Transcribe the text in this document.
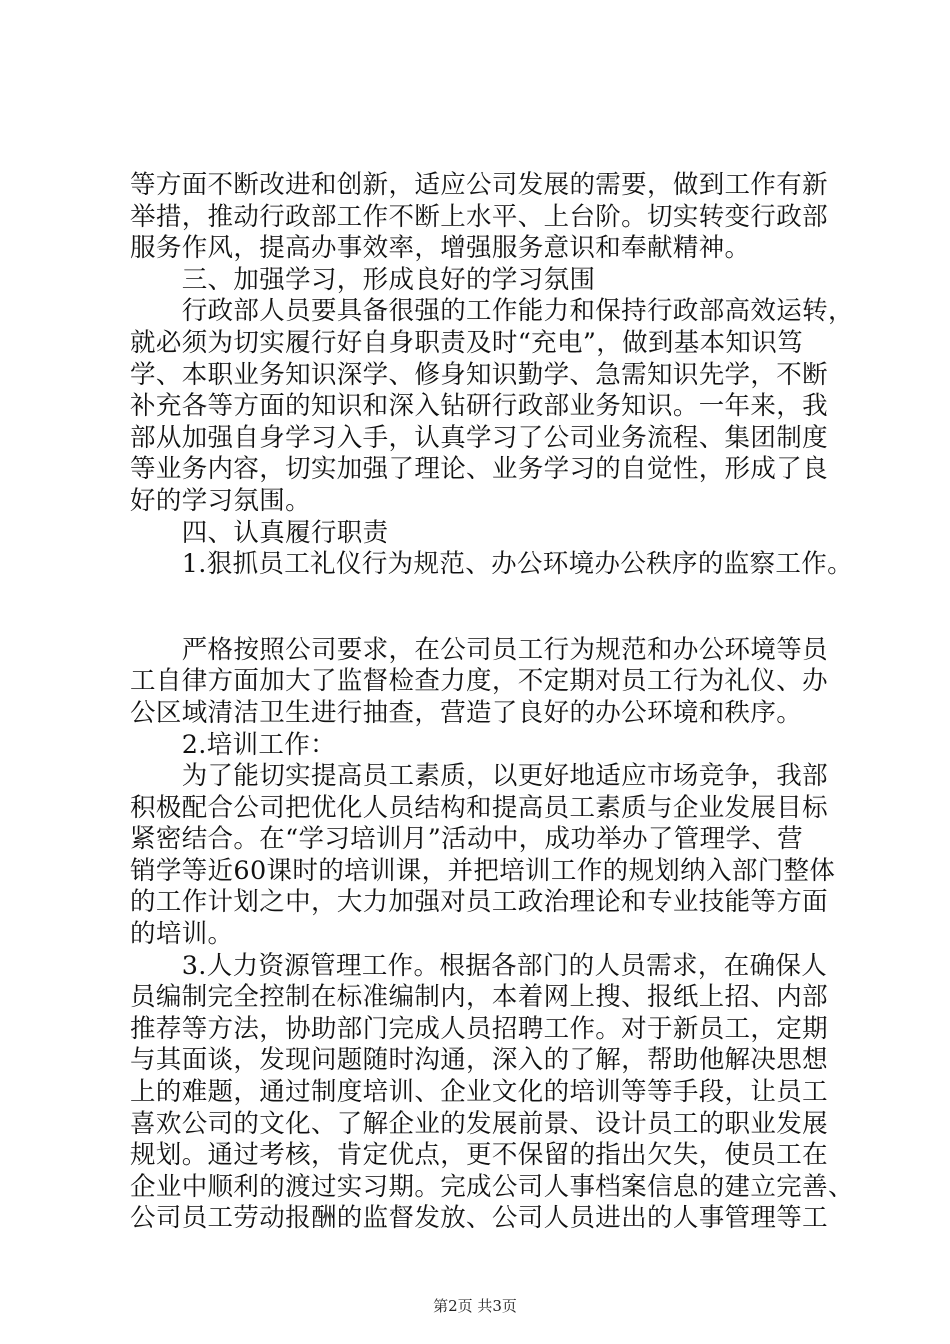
等方面不断改进和创新，适应公司发展的需要，做到工作有新
举措，推动行政部工作不断上水平、上台阶。切实转变行政部
服务作风，提高办事效率，增强服务意识和奉献精神。
　　三、加强学习，形成良好的学习氛围
　　行政部人员要具备很强的工作能力和保持行政部高效运转，
就必须为切实履行好自身职责及时“充电”，做到基本知识笃
学、本职业务知识深学、修身知识勤学、急需知识先学，不断
补充各等方面的知识和深入钻研行政部业务知识。一年来，我
部从加强自身学习入手，认真学习了公司业务流程、集团制度
等业务内容，切实加强了理论、业务学习的自觉性，形成了良
好的学习氛围。
　　四、认真履行职责
　　1.狠抓员工礼仪行为规范、办公环境办公秩序的监察工作。
　　严格按照公司要求，在公司员工行为规范和办公环境等员
工自律方面加大了监督检查力度，不定期对员工行为礼仪、办
公区域清洁卫生进行抽查，营造了良好的办公环境和秩序。
　　2.培训工作：
　　为了能切实提高员工素质，以更好地适应市场竞争，我部
积极配合公司把优化人员结构和提高员工素质与企业发展目标
紧密结合。在“学习培训月”活动中，成功举办了管理学、营
销学等近60课时的培训课，并把培训工作的规划纳入部门整体
的工作计划之中，大力加强对员工政治理论和专业技能等方面
的培训。
　　3.人力资源管理工作。根据各部门的人员需求，在确保人
员编制完全控制在标准编制内，本着网上搜、报纸上招、内部
推荐等方法，协助部门完成人员招聘工作。对于新员工，定期
与其面谈，发现问题随时沟通，深入的了解，帮助他解决思想
上的难题，通过制度培训、企业文化的培训等等手段，让员工
喜欢公司的文化、了解企业的发展前景、设计员工的职业发展
规划。通过考核，肯定优点，更不保留的指出欠失，使员工在
企业中顺利的渡过实习期。完成公司人事档案信息的建立完善、
公司员工劳动报酬的监督发放、公司人员进出的人事管理等工
第2页 共3页
